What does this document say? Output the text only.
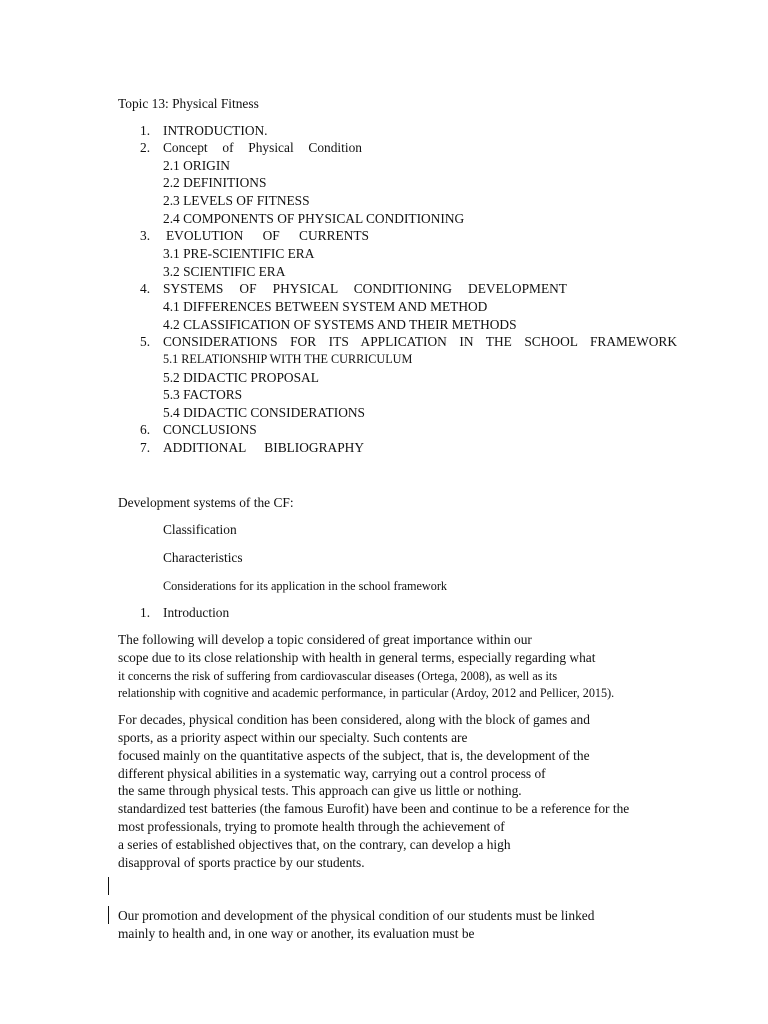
Topic 13: Physical Fitness
1. INTRODUCTION.
2. Concept of Physical Condition
2.1 ORIGIN
2.2 DEFINITIONS
2.3 LEVELS OF FITNESS
2.4 COMPONENTS OF PHYSICAL CONDITIONING
3. EVOLUTION OF CURRENTS
3.1 PRE-SCIENTIFIC ERA
3.2 SCIENTIFIC ERA
4. SYSTEMS OF PHYSICAL CONDITIONING DEVELOPMENT
4.1 DIFFERENCES BETWEEN SYSTEM AND METHOD
4.2 CLASSIFICATION OF SYSTEMS AND THEIR METHODS
5. CONSIDERATIONS FOR ITS APPLICATION IN THE SCHOOL FRAMEWORK
5.1 RELATIONSHIP WITH THE CURRICULUM
5.2 DIDACTIC PROPOSAL
5.3 FACTORS
5.4 DIDACTIC CONSIDERATIONS
6. CONCLUSIONS
7. ADDITIONAL BIBLIOGRAPHY
Development systems of the CF:
Classification
Characteristics
Considerations for its application in the school framework
1. Introduction
The following will develop a topic considered of great importance within our
scope due to its close relationship with health in general terms, especially regarding what
it concerns the risk of suffering from cardiovascular diseases (Ortega, 2008), as well as its
relationship with cognitive and academic performance, in particular (Ardoy, 2012 and Pellicer, 2015).
For decades, physical condition has been considered, along with the block of games and
sports, as a priority aspect within our specialty. Such contents are
focused mainly on the quantitative aspects of the subject, that is, the development of the
different physical abilities in a systematic way, carrying out a control process of
the same through physical tests. This approach can give us little or nothing.
standardized test batteries (the famous Eurofit) have been and continue to be a reference for the
most professionals, trying to promote health through the achievement of
a series of established objectives that, on the contrary, can develop a high
disapproval of sports practice by our students.
Our promotion and development of the physical condition of our students must be linked
mainly to health and, in one way or another, its evaluation must be
